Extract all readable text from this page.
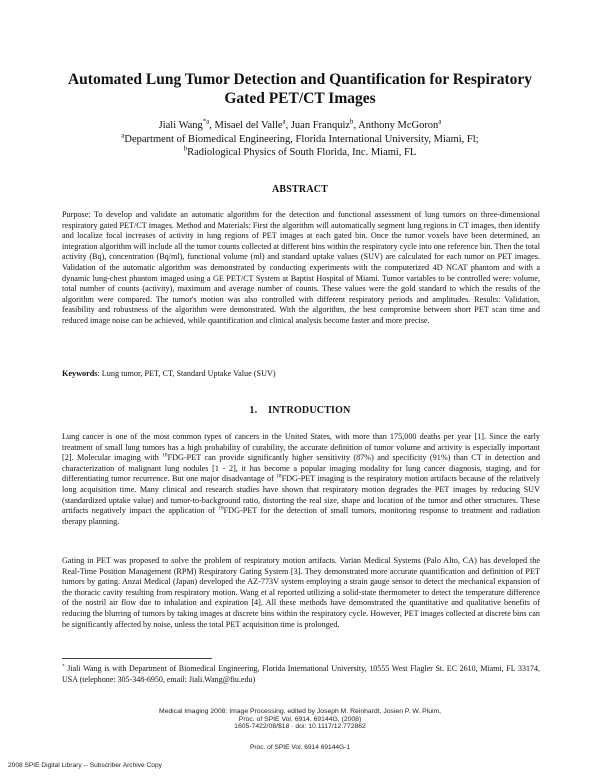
Automated Lung Tumor Detection and Quantification for Respiratory
Gated PET/CT Images
Jiali Wang$^{*a}$, Misael del Valle$^a$, Juan Franquiz$^b$, Anthony McGoron$^a$
$^a$Department of Biomedical Engineering, Florida International University, Miami, Fl;
$^b$Radiological Physics of South Florida, Inc. Miami, FL
ABSTRACT
Purpose: To develop and validate an automatic algorithm for the detection and functional assessment of lung tumors on three-dimensional respiratory gated PET/CT images. Method and Materials: First the algorithm will automatically segment lung regions in CT images, then identify and localize focal increases of activity in lung regions of PET images at each gated bin. Once the tumor voxels have been determined, an integration algorithm will include all the tumor counts collected at different bins within the respiratory cycle into one reference bin. Then the total activity (Bq), concentration (Bq/ml), functional volume (ml) and standard uptake values (SUV) are calculated for each tumor on PET images. Validation of the automatic algorithm was demonstrated by conducting experiments with the computerized 4D NCAT phantom and with a dynamic lung-chest phantom imaged using a GE PET/CT System at Baptist Hospital of Miami. Tumor variables to be controlled were: volume, total number of counts (activity), maximum and average number of counts. These values were the gold standard to which the results of the algorithm were compared. The tumor's motion was also controlled with different respiratory periods and amplitudes. Results: Validation, feasibility and robustness of the algorithm were demonstrated. With the algorithm, the best compromise between short PET scan time and reduced image noise can be achieved, while quantification and clinical analysis become faster and more precise.
Keywords: Lung tumor, PET, CT, Standard Uptake Value (SUV)
1. INTRODUCTION
Lung cancer is one of the most common types of cancers in the United States, with more than 175,000 deaths per year [1]. Since the early treatment of small lung tumors has a high probability of curability, the accurate definition of tumor volume and activity is especially important [2]. Molecular imaging with $^{18}$FDG-PET can provide significantly higher sensitivity (87%) and specificity (91%) than CT in detection and characterization of malignant lung nodules [1 - 2], it has become a popular imaging modality for lung cancer diagnosis, staging, and for differentiating tumor recurrence. But one major disadvantage of $^{18}$FDG-PET imaging is the respiratory motion artifacts because of the relatively long acquisition time. Many clinical and research studies have shown that respiratory motion degrades the PET images by reducing SUV (standardized uptake value) and tumor-to-background ratio, distorting the real size, shape and location of the tumor and other structures. These artifacts negatively impact the application of $^{18}$FDG-PET for the detection of small tumors, monitoring response to treatment and radiation therapy planning.
Gating in PET was proposed to solve the problem of respiratory motion artifacts. Varian Medical Systems (Palo Alto, CA) has developed the Real-Time Position Management (RPM) Respiratory Gating System [3]. They demonstrated more accurate quantification and definition of PET tumors by gating. Anzai Medical (Japan) developed the AZ-773V system employing a strain gauge sensor to detect the mechanical expansion of the thoracic cavity resulting from respiratory motion. Wang et al reported utilizing a solid-state thermometer to detect the temperature difference of the nostril air flow due to inhalation and expiration [4]. All these methods have demonstrated the quantitative and qualitative benefits of reducing the blurring of tumors by taking images at discrete bins within the respiratory cycle. However, PET images collected at discrete bins can be significantly affected by noise, unless the total PET acquisition time is prolonged.
* Jiali Wang is with Department of Biomedical Engineering, Florida International University, 10555 West Flagler St. EC 2610, Miami, FL 33174, USA (telephone: 305-348-6950, email: Jiali.Wang@fiu.edu)
Medical Imaging 2008: Image Processing, edited by Joseph M. Reinhardt, Josien P. W. Pluim,
Proc. of SPIE Vol. 6914, 69144G, (2008)
1605-7422/08/$18 · doi: 10.1117/12.772862
Proc. of SPIE Vol. 6914 69144G-1
2008 SPIE Digital Library -- Subscriber Archive Copy
